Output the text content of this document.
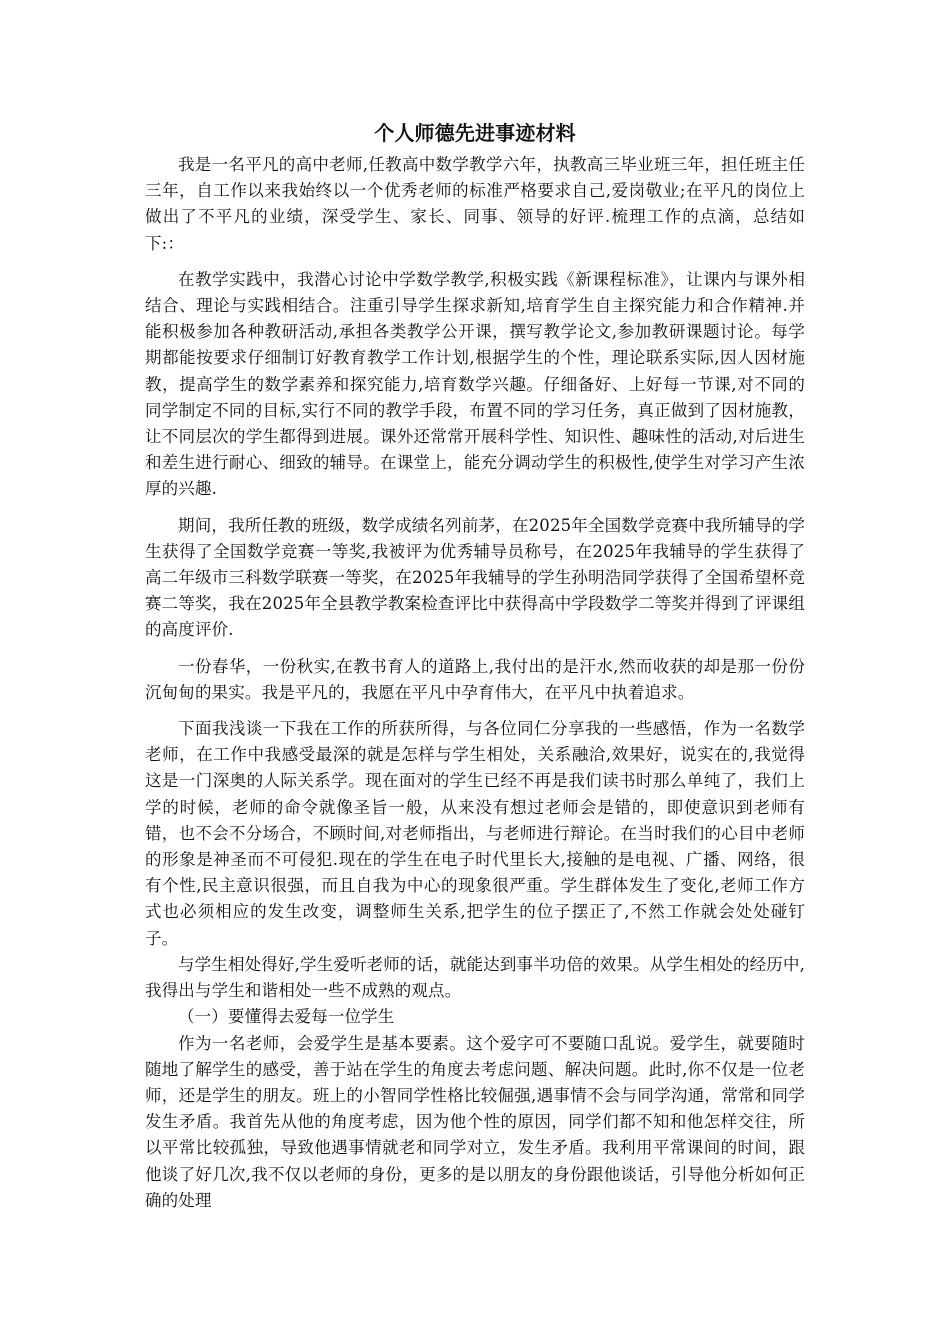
个人师德先进事迹材料

我是一名平凡的高中老师,任教高中数学教学六年，执教高三毕业班三年，担任班主任三年，自工作以来我始终以一个优秀老师的标准严格要求自己,爱岗敬业;在平凡的岗位上做出了不平凡的业绩，深受学生、家长、同事、领导的好评.梳理工作的点滴，总结如下:：

在教学实践中，我潜心讨论中学数学教学,积极实践《新课程标准》，让课内与课外相结合、理论与实践相结合。注重引导学生探求新知,培育学生自主探究能力和合作精神.并能积极参加各种教研活动,承担各类教学公开课，撰写教学论文,参加教研课题讨论。每学期都能按要求仔细制订好教育教学工作计划,根据学生的个性，理论联系实际,因人因材施教，提高学生的数学素养和探究能力,培育数学兴趣。仔细备好、上好每一节课,对不同的同学制定不同的目标,实行不同的教学手段，布置不同的学习任务，真正做到了因材施教，让不同层次的学生都得到进展。课外还常常开展科学性、知识性、趣味性的活动,对后进生和差生进行耐心、细致的辅导。在课堂上，能充分调动学生的积极性,使学生对学习产生浓厚的兴趣.

期间，我所任教的班级，数学成绩名列前茅，在2025年全国数学竞赛中我所辅导的学生获得了全国数学竞赛一等奖,我被评为优秀辅导员称号，在2025年我辅导的学生获得了高二年级市三科数学联赛一等奖，在2025年我辅导的学生孙明浩同学获得了全国希望杯竞赛二等奖，我在2025年全县教学教案检查评比中获得高中学段数学二等奖并得到了评课组的高度评价.

一份春华，一份秋实,在教书育人的道路上,我付出的是汗水,然而收获的却是那一份份沉甸甸的果实。我是平凡的，我愿在平凡中孕育伟大，在平凡中执着追求。

下面我浅谈一下我在工作的所获所得，与各位同仁分享我的一些感悟，作为一名数学老师，在工作中我感受最深的就是怎样与学生相处，关系融洽,效果好，说实在的,我觉得这是一门深奥的人际关系学。现在面对的学生已经不再是我们读书时那么单纯了，我们上学的时候，老师的命令就像圣旨一般，从来没有想过老师会是错的，即使意识到老师有错，也不会不分场合，不顾时间,对老师指出，与老师进行辩论。在当时我们的心目中老师的形象是神圣而不可侵犯.现在的学生在电子时代里长大,接触的是电视、广播、网络，很有个性,民主意识很强，而且自我为中心的现象很严重。学生群体发生了变化,老师工作方式也必须相应的发生改变，调整师生关系,把学生的位子摆正了,不然工作就会处处碰钉子。

与学生相处得好,学生爱听老师的话，就能达到事半功倍的效果。从学生相处的经历中,我得出与学生和谐相处一些不成熟的观点。

（一）要懂得去爱每一位学生

作为一名老师，会爱学生是基本要素。这个爱字可不要随口乱说。爱学生，就要随时随地了解学生的感受，善于站在学生的角度去考虑问题、解决问题。此时,你不仅是一位老师，还是学生的朋友。班上的小智同学性格比较倔强,遇事情不会与同学沟通，常常和同学发生矛盾。我首先从他的角度考虑，因为他个性的原因，同学们都不知和他怎样交往，所以平常比较孤独，导致他遇事情就老和同学对立，发生矛盾。我利用平常课间的时间，跟他谈了好几次,我不仅以老师的身份，更多的是以朋友的身份跟他谈话，引导他分析如何正确的处理
